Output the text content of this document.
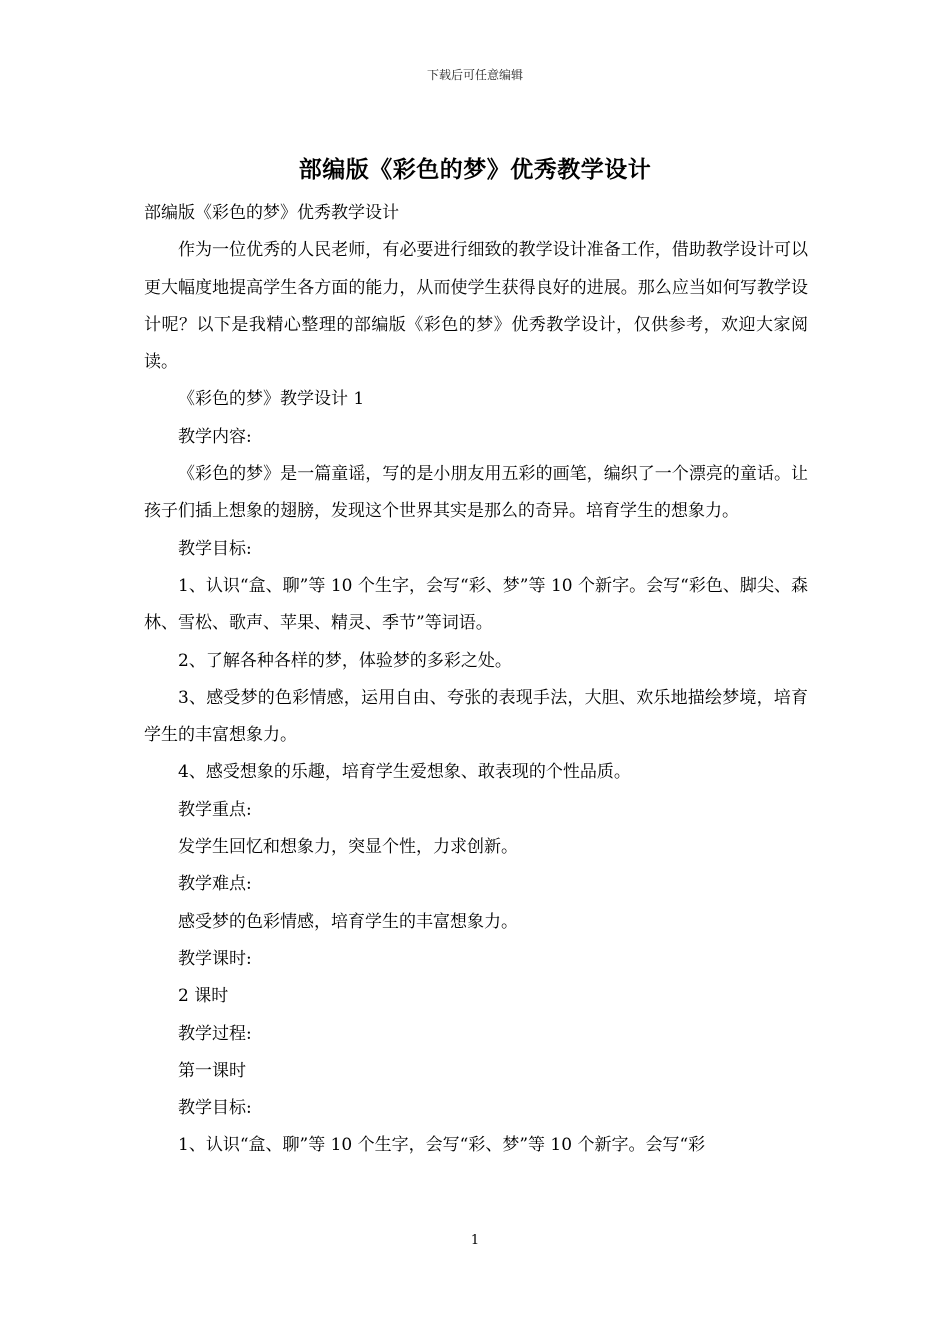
下载后可任意编辑
部编版《彩色的梦》优秀教学设计

部编版《彩色的梦》优秀教学设计

作为一位优秀的人民老师，有必要进行细致的教学设计准备工作，借助教学设计可以更大幅度地提高学生各方面的能力，从而使学生获得良好的进展。那么应当如何写教学设计呢？以下是我精心整理的部编版《彩色的梦》优秀教学设计，仅供参考，欢迎大家阅读。

《彩色的梦》教学设计 1

教学内容:

《彩色的梦》是一篇童谣，写的是小朋友用五彩的画笔，编织了一个漂亮的童话。让孩子们插上想象的翅膀，发现这个世界其实是那么的奇异。培育学生的想象力。

教学目标:

1、认识“盒、聊”等 10 个生字，会写“彩、梦”等 10 个新字。会写“彩色、脚尖、森林、雪松、歌声、苹果、精灵、季节”等词语。

2、了解各种各样的梦，体验梦的多彩之处。

3、感受梦的色彩情感，运用自由、夸张的表现手法，大胆、欢乐地描绘梦境，培育学生的丰富想象力。

4、感受想象的乐趣，培育学生爱想象、敢表现的个性品质。

教学重点:

发学生回忆和想象力，突显个性，力求创新。

教学难点:

感受梦的色彩情感，培育学生的丰富想象力。

教学课时:

2 课时

教学过程:

第一课时

教学目标:

1、认识“盒、聊”等 10 个生字，会写“彩、梦”等 10 个新字。会写“彩

1
